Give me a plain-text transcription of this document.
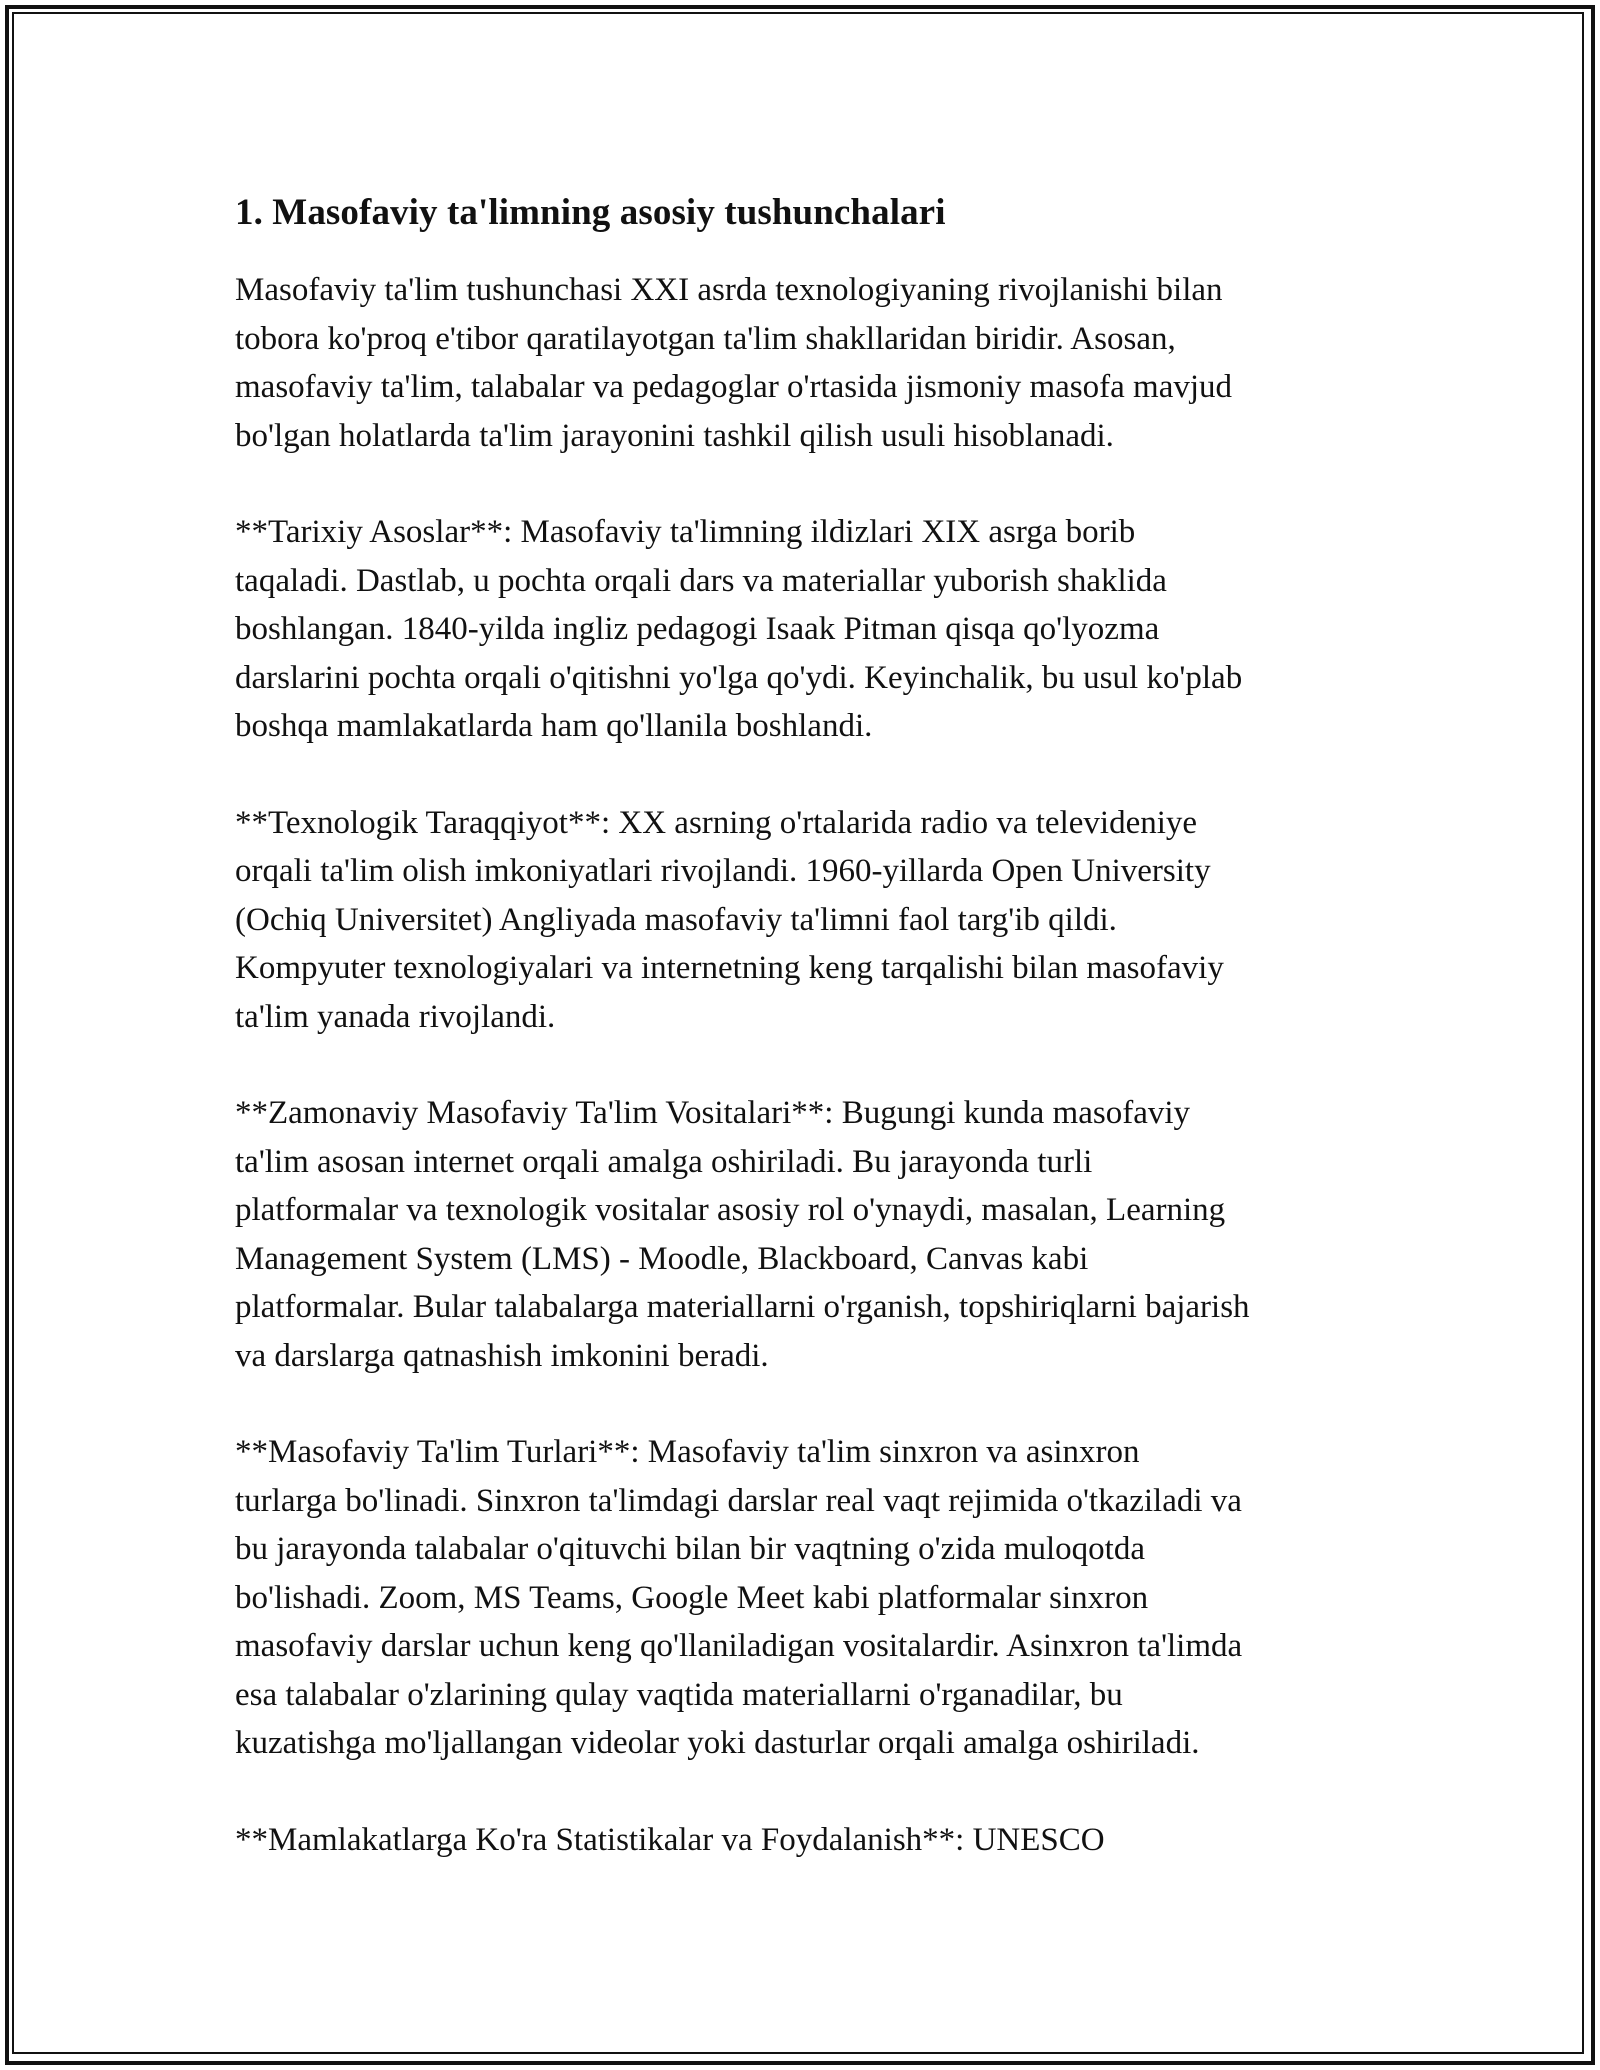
1. Masofaviy ta'limning asosiy tushunchalari

Masofaviy ta'lim tushunchasi XXI asrda texnologiyaning rivojlanishi bilan
tobora ko'proq e'tibor qaratilayotgan ta'lim shakllaridan biridir. Asosan,
masofaviy ta'lim, talabalar va pedagoglar o'rtasida jismoniy masofa mavjud
bo'lgan holatlarda ta'lim jarayonini tashkil qilish usuli hisoblanadi.

**Tarixiy Asoslar**: Masofaviy ta'limning ildizlari XIX asrga borib
taqaladi. Dastlab, u pochta orqali dars va materiallar yuborish shaklida
boshlangan. 1840-yilda ingliz pedagogi Isaak Pitman qisqa qo'lyozma
darslarini pochta orqali o'qitishni yo'lga qo'ydi. Keyinchalik, bu usul ko'plab
boshqa mamlakatlarda ham qo'llanila boshlandi.

**Texnologik Taraqqiyot**: XX asrning o'rtalarida radio va televideniye
orqali ta'lim olish imkoniyatlari rivojlandi. 1960-yillarda Open University
(Ochiq Universitet) Angliyada masofaviy ta'limni faol targ'ib qildi.
Kompyuter texnologiyalari va internetning keng tarqalishi bilan masofaviy
ta'lim yanada rivojlandi.

**Zamonaviy Masofaviy Ta'lim Vositalari**: Bugungi kunda masofaviy
ta'lim asosan internet orqali amalga oshiriladi. Bu jarayonda turli
platformalar va texnologik vositalar asosiy rol o'ynaydi, masalan, Learning
Management System (LMS) - Moodle, Blackboard, Canvas kabi
platformalar. Bular talabalarga materiallarni o'rganish, topshiriqlarni bajarish
va darslarga qatnashish imkonini beradi.

**Masofaviy Ta'lim Turlari**: Masofaviy ta'lim sinxron va asinxron
turlarga bo'linadi. Sinxron ta'limdagi darslar real vaqt rejimida o'tkaziladi va
bu jarayonda talabalar o'qituvchi bilan bir vaqtning o'zida muloqotda
bo'lishadi. Zoom, MS Teams, Google Meet kabi platformalar sinxron
masofaviy darslar uchun keng qo'llaniladigan vositalardir. Asinxron ta'limda
esa talabalar o'zlarining qulay vaqtida materiallarni o'rganadilar, bu
kuzatishga mo'ljallangan videolar yoki dasturlar orqali amalga oshiriladi.

**Mamlakatlarga Ko'ra Statistikalar va Foydalanish**: UNESCO
